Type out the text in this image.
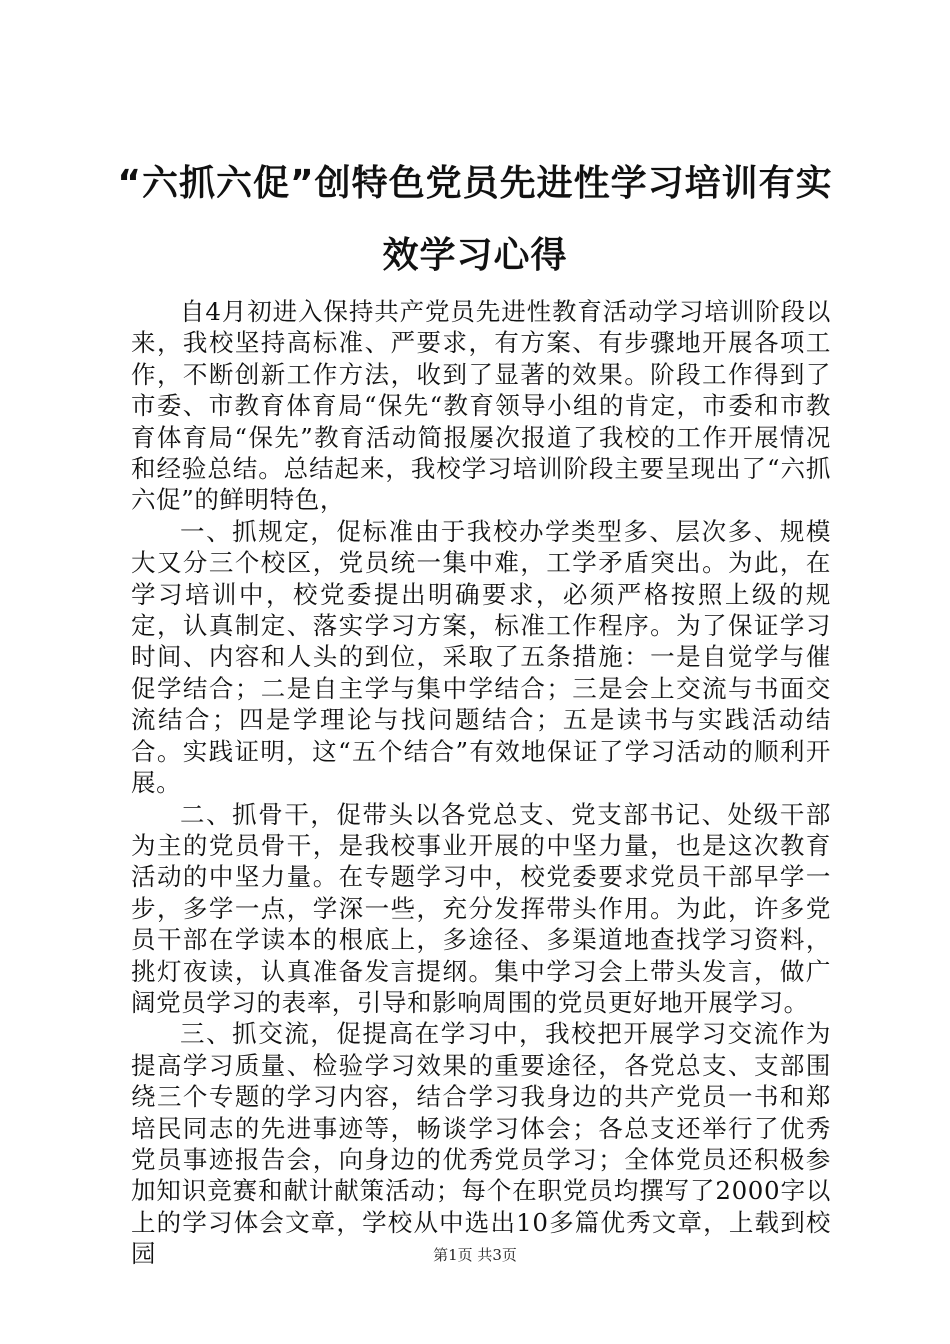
“六抓六促”创特色党员先进性学习培训有实
效学习心得

自4月初进入保持共产党员先进性教育活动学习培训阶段以来，我校坚持高标准、严要求，有方案、有步骤地开展各项工作，不断创新工作方法，收到了显著的效果。阶段工作得到了市委、市教育体育局“保先“教育领导小组的肯定，市委和市教育体育局“保先”教育活动简报屡次报道了我校的工作开展情况和经验总结。总结起来，我校学习培训阶段主要呈现出了“六抓六促”的鲜明特色，

一、抓规定，促标准由于我校办学类型多、层次多、规模大又分三个校区，党员统一集中难，工学矛盾突出。为此，在学习培训中，校党委提出明确要求，必须严格按照上级的规定，认真制定、落实学习方案，标准工作程序。为了保证学习时间、内容和人头的到位，采取了五条措施：一是自觉学与催促学结合；二是自主学与集中学结合；三是会上交流与书面交流结合；四是学理论与找问题结合；五是读书与实践活动结合。实践证明，这“五个结合”有效地保证了学习活动的顺利开展。

二、抓骨干，促带头以各党总支、党支部书记、处级干部为主的党员骨干，是我校事业开展的中坚力量，也是这次教育活动的中坚力量。在专题学习中，校党委要求党员干部早学一步，多学一点，学深一些，充分发挥带头作用。为此，许多党员干部在学读本的根底上，多途径、多渠道地查找学习资料，挑灯夜读，认真准备发言提纲。集中学习会上带头发言，做广阔党员学习的表率，引导和影响周围的党员更好地开展学习。

三、抓交流，促提高在学习中，我校把开展学习交流作为提高学习质量、检验学习效果的重要途径，各党总支、支部围绕三个专题的学习内容，结合学习我身边的共产党员一书和郑培民同志的先进事迹等，畅谈学习体会；各总支还举行了优秀党员事迹报告会，向身边的优秀党员学习；全体党员还积极参加知识竞赛和献计献策活动；每个在职党员均撰写了2000字以上的学习体会文章，学校从中选出10多篇优秀文章，上载到校园	第1页 共3页
